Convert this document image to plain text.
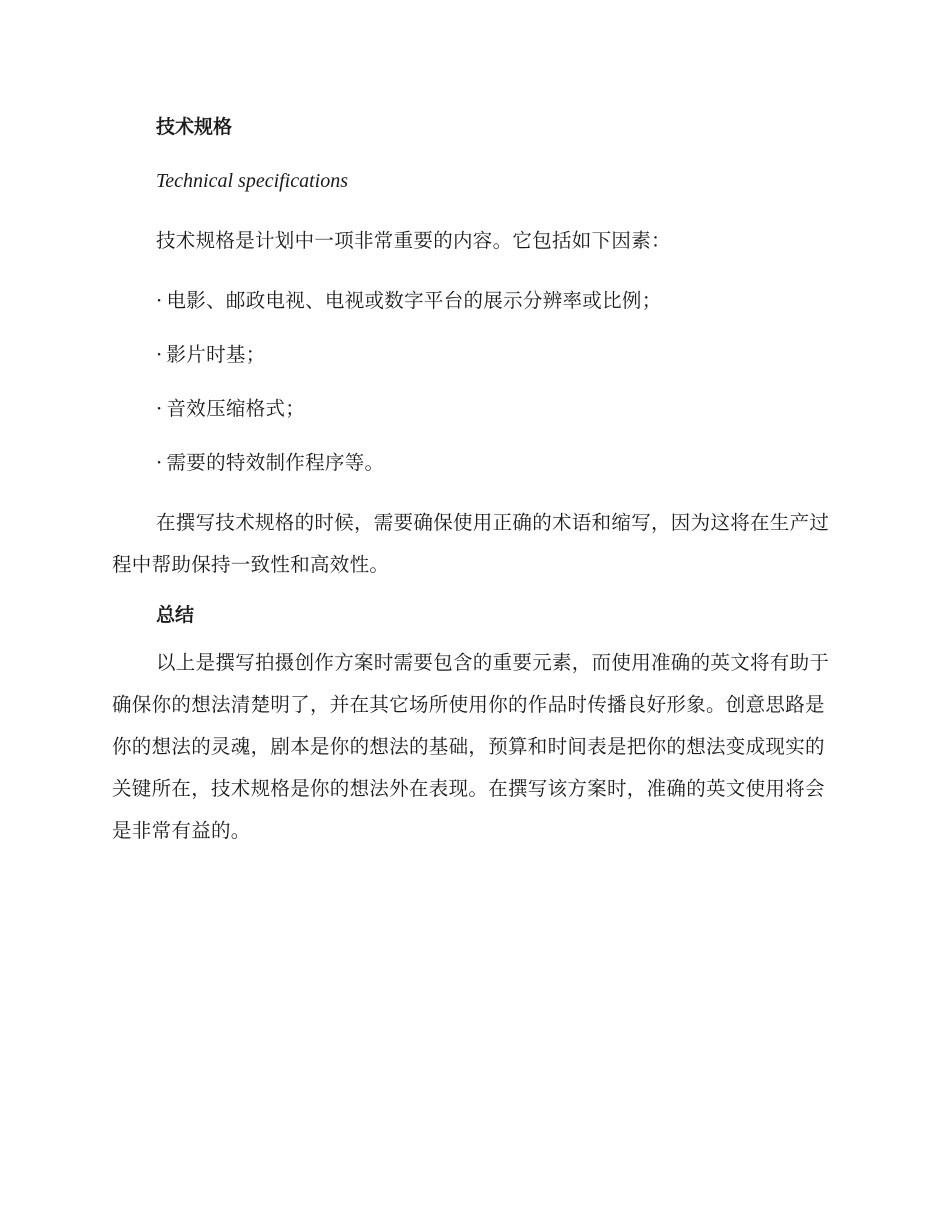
技术规格

Technical specifications

技术规格是计划中一项非常重要的内容。它包括如下因素：

· 电影、邮政电视、电视或数字平台的展示分辨率或比例；
· 影片时基；
· 音效压缩格式；
· 需要的特效制作程序等。

在撰写技术规格的时候，需要确保使用正确的术语和缩写，因为这将在生产过程中帮助保持一致性和高效性。

总结

以上是撰写拍摄创作方案时需要包含的重要元素，而使用准确的英文将有助于确保你的想法清楚明了，并在其它场所使用你的作品时传播良好形象。创意思路是你的想法的灵魂，剧本是你的想法的基础，预算和时间表是把你的想法变成现实的关键所在，技术规格是你的想法外在表现。在撰写该方案时，准确的英文使用将会是非常有益的。
